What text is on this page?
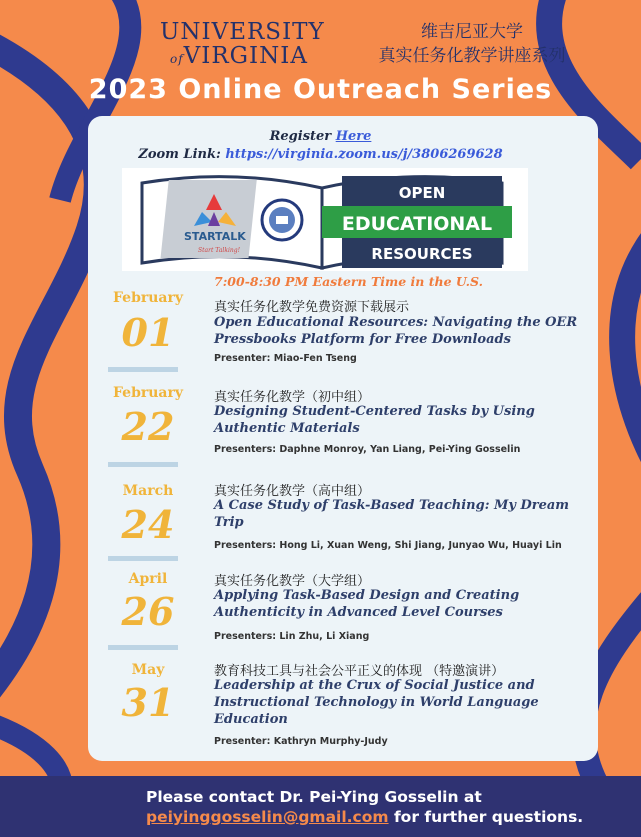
UNIVERSITY
ofVIRGINIA
维吉尼亚大学
真实任务化教学讲座系列
2023 Online Outreach Series
Register Here
Zoom Link: https://virginia.zoom.us/j/3806269628
STARTALK
Start Talking!
OPEN
EDUCATIONAL
RESOURCES
7:00-8:30 PM Eastern Time in the U.S.
February
01
真实任务化教学免费资源下载展示
Open Educational Resources: Navigating the OER Pressbooks Platform for Free Downloads
Presenter: Miao-Fen Tseng
February
22
真实任务化教学（初中组）
Designing Student-Centered Tasks by Using Authentic Materials
Presenters: Daphne Monroy, Yan Liang, Pei-Ying Gosselin
March
24
真实任务化教学（高中组）
A Case Study of Task-Based Teaching: My Dream Trip
Presenters: Hong Li, Xuan Weng, Shi Jiang, Junyao Wu, Huayi Lin
April
26
真实任务化教学（大学组）
Applying Task-Based Design and Creating Authenticity in Advanced Level Courses
Presenters: Lin Zhu, Li Xiang
May
31
教育科技工具与社会公平正义的体现 （特邀演讲）
Leadership at the Crux of Social Justice and Instructional Technology in World Language Education
Presenter: Kathryn Murphy-Judy
Please contact Dr. Pei-Ying Gosselin at
peiyinggosselin@gmail.com for further questions.
